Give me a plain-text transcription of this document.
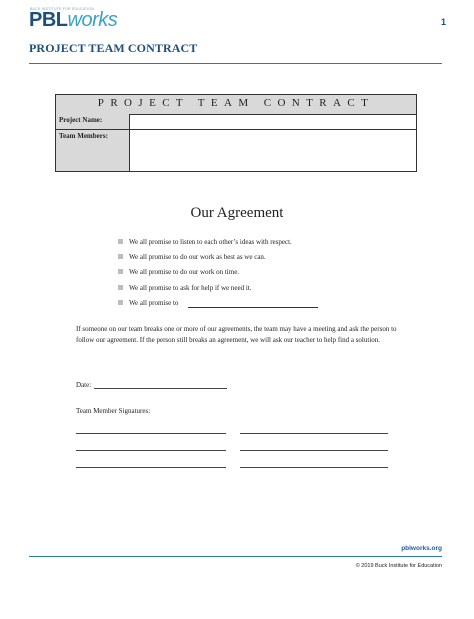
BUCK INSTITUTE FOR EDUCATION
PBLworks	1
PROJECT TEAM CONTRACT
PROJECT TEAM CONTRACT
Project Name:
Team Members:
Our Agreement
We all promise to listen to each other’s ideas with respect.
We all promise to do our work as best as we can.
We all promise to do our work on time.
We all promise to ask for help if we need it.
We all promise to
If someone on our team breaks one or more of our agreements, the team may have a meeting and ask the person to follow our agreement. If the person still breaks an agreement, we will ask our teacher to help find a solution.
Date:
Team Member Signatures:
pblworks.org
© 2019 Buck Institute for Education
